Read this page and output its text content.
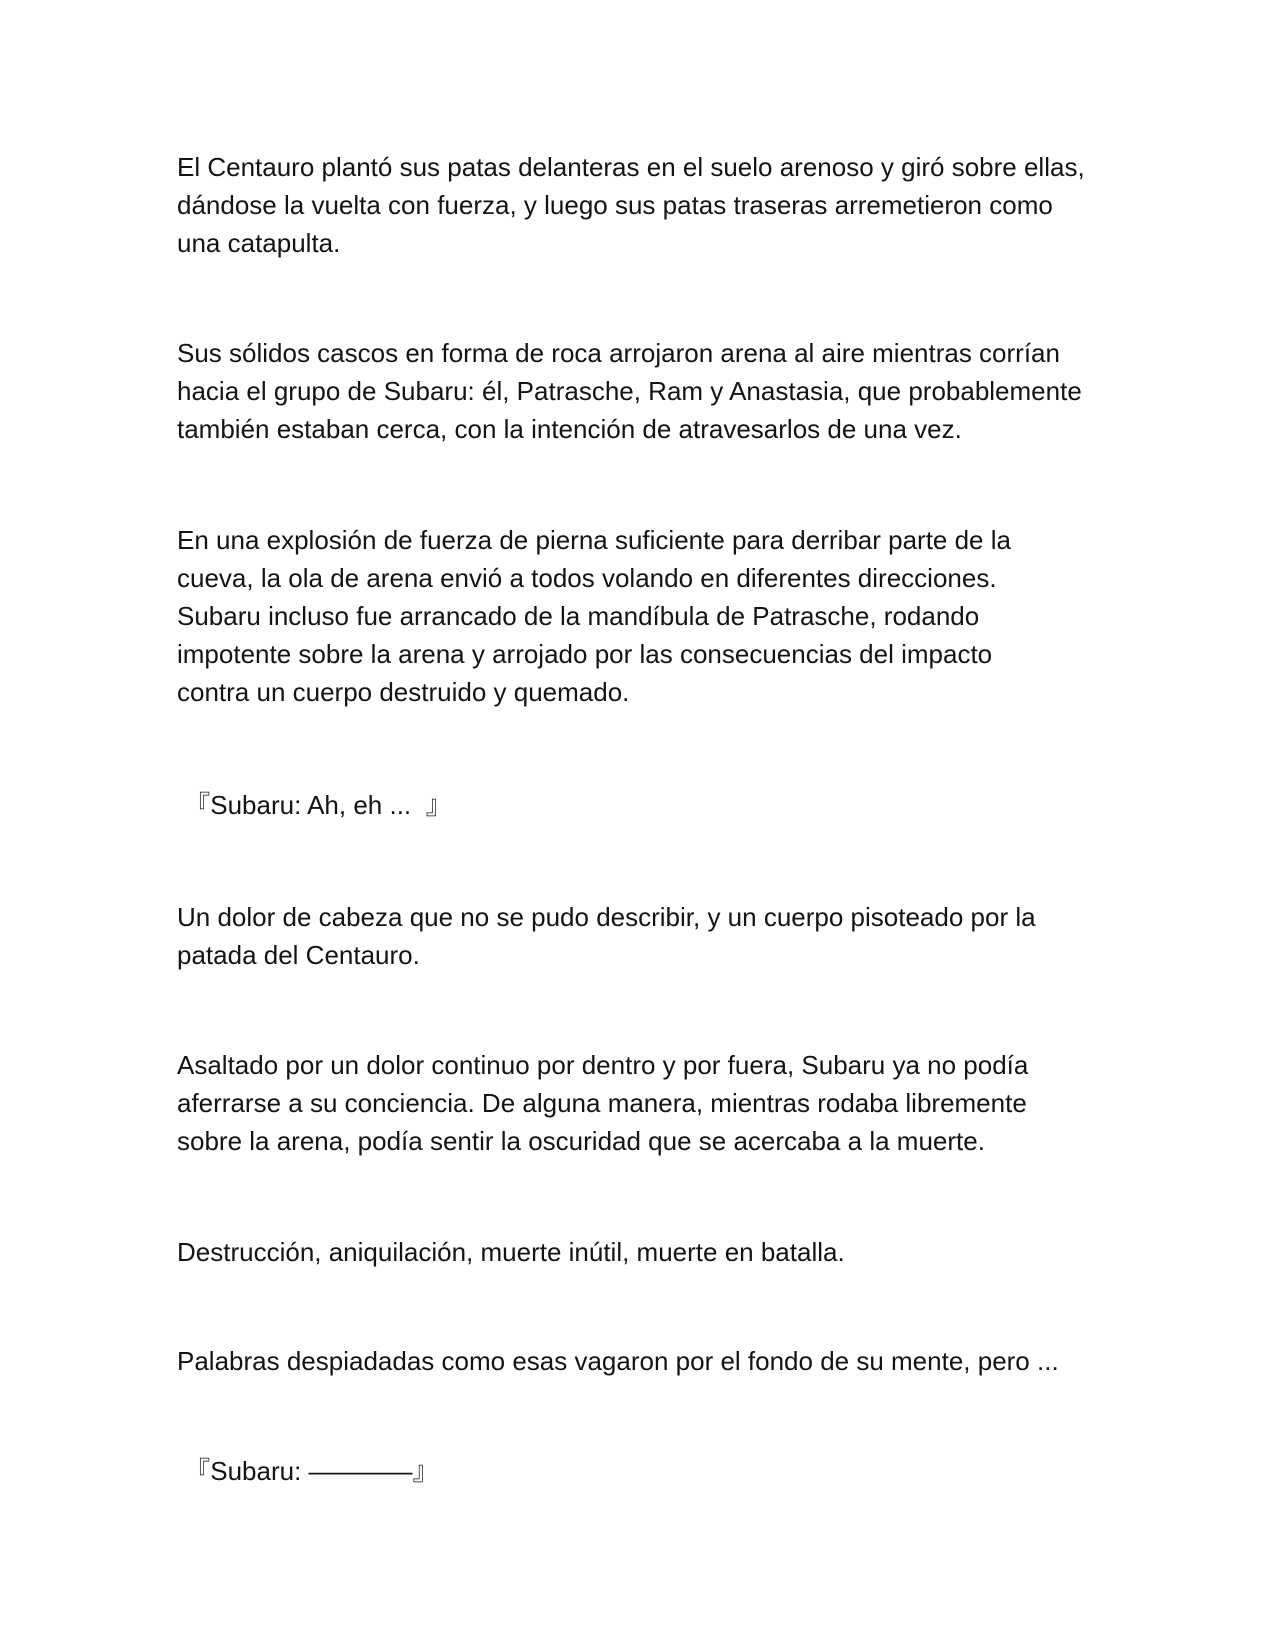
El Centauro plantó sus patas delanteras en el suelo arenoso y giró sobre ellas,
dándose la vuelta con fuerza, y luego sus patas traseras arremetieron como
una catapulta.

Sus sólidos cascos en forma de roca arrojaron arena al aire mientras corrían
hacia el grupo de Subaru: él, Patrasche, Ram y Anastasia, que probablemente
también estaban cerca, con la intención de atravesarlos de una vez.

En una explosión de fuerza de pierna suficiente para derribar parte de la
cueva, la ola de arena envió a todos volando en diferentes direcciones.
Subaru incluso fue arrancado de la mandíbula de Patrasche, rodando
impotente sobre la arena y arrojado por las consecuencias del impacto
contra un cuerpo destruido y quemado.

『Subaru: Ah, eh ...  』

Un dolor de cabeza que no se pudo describir, y un cuerpo pisoteado por la
patada del Centauro.

Asaltado por un dolor continuo por dentro y por fuera, Subaru ya no podía
aferrarse a su conciencia. De alguna manera, mientras rodaba libremente
sobre la arena, podía sentir la oscuridad que se acercaba a la muerte.

Destrucción, aniquilación, muerte inútil, muerte en batalla.

Palabras despiadadas como esas vagaron por el fondo de su mente, pero ...

『Subaru: ————』
